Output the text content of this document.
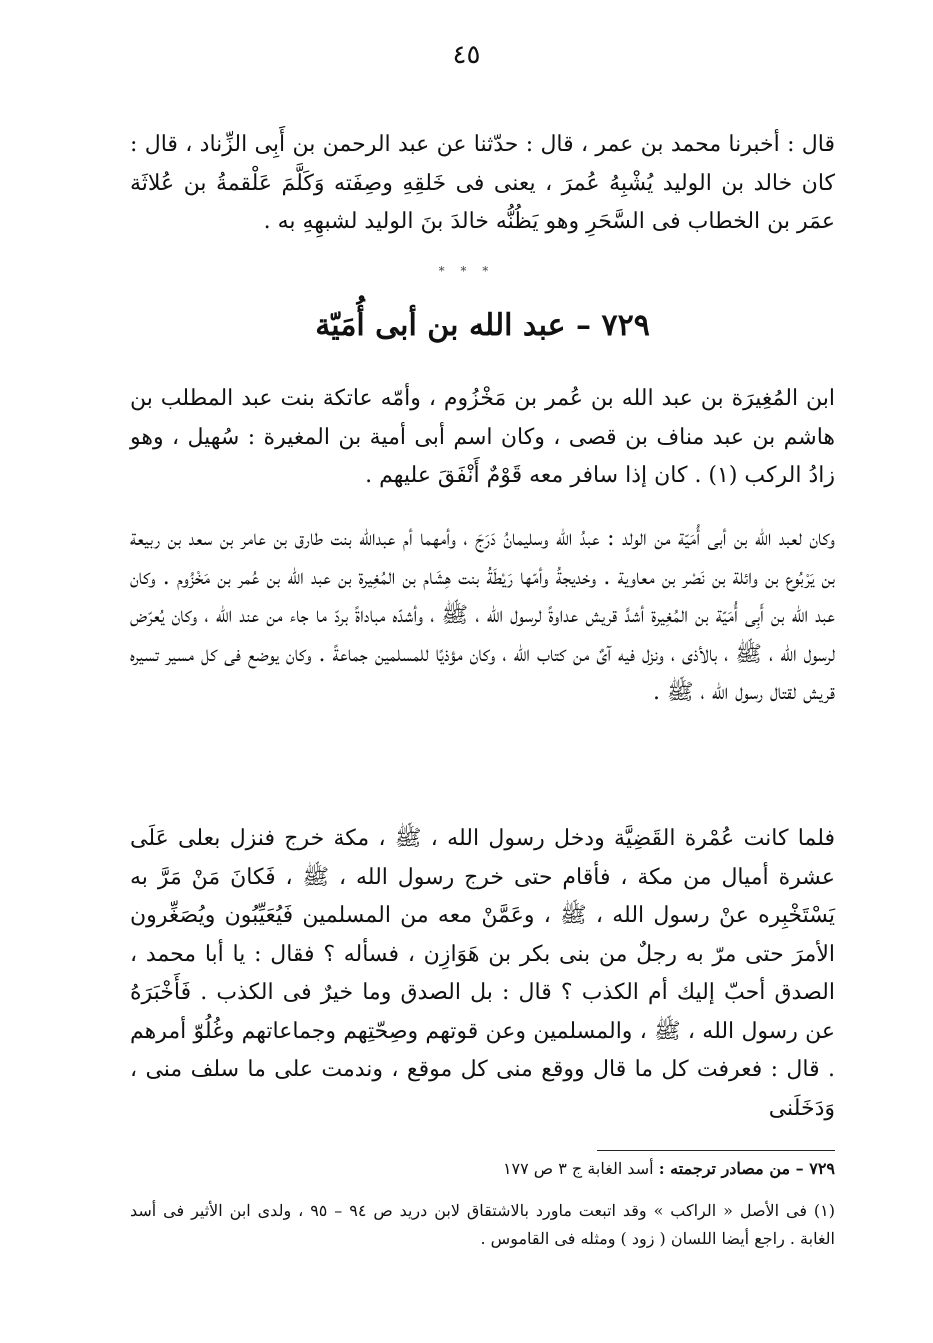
٤٥

قال : أخبرنا محمد بن عمر ، قال : حدّثنا عن عبد الرحمن بن أَبِى الزِّناد ، قال : كان خالد بن الوليد يُشْبِهُ عُمرَ ، يعنى فى خَلقِهِ وصِفَته وَكَلَّمَ عَلْقمةُ بن عُلاثَة عمَر بن الخطاب فى السَّحَرِ وهو يَظُنُّه خالدَ بنَ الوليد لشبهِهِ به .

* * *
٧٢٩ – عبد الله بن أبى أُمَيّة

ابن المُغِيرَة بن عبد الله بن عُمر بن مَخْزُوم ، وأمّه عاتكة بنت عبد المطلب بن هاشم بن عبد مناف بن قصى ، وكان اسم أبى أمية بن المغيرة : سُهيل ، وهو زادُ الركب (١) . كان إذا سافر معه قَوْمٌ أَنْفَقَ عليهم .

وكان لعبد الله بن أبى أُمَيّة من الولد : عبدُ الله وسليمانُ دَرَجَ ، وأمهما أم عبدالله بنت طارق بن عامر بن سعد بن ربيعة بن يَرْبُوع بن وائلة بن نَصْر بن معاوية . وخديجةُ وأمّها رَيْطَةُ بنت هِشَام بن المُغِيرة بن عبد الله بن عُمر بن مَخْزُوم . وكان عبد الله بن أَبِى أُمَيّة بن المُغِيرة أشدَّ قريش عداوةً لرسول الله ، ﷺ ، وأشدّه مباداةً بردّ ما جاء من عند الله ، وكان يُعرّض لرسول الله ، ﷺ ، بالأذى ، ونزل فيه آىٌ من كتاب الله ، وكان مؤذيًا للمسلمين جماعةً . وكان يوضع فى كل مسير تسيره قريش لقتال رسول الله ، ﷺ .

فلما كانت عُمْرة القَضِيَّة ودخل رسول الله ، ﷺ ، مكة خرج فنزل بعلى عَلَى عشرة أميال من مكة ، فأقام حتى خرج رسول الله ، ﷺ ، فَكانَ مَنْ مَرَّ به يَسْتَخْبِره عنْ رسول الله ، ﷺ ، وعَمَّنْ معه من المسلمين فَيُعَيِّبُون ويُصَغِّرون الأمرَ حتى مرّ به رجلٌ من بنى بكر بن هَوَازِن ، فسأله ؟ فقال : يا أبا محمد ، الصدق أحبّ إليك أم الكذب ؟ قال : بل الصدق وما خيرٌ فى الكذب . فَأَخْبَرَهُ عن رسول الله ، ﷺ ، والمسلمين وعن قوتهم وصِحّتِهم وجماعاتهم وغُلُوّ أمرهم . قال : فعرفت كل ما قال ووقع منى كل موقع ، وندمت على ما سلف منى ، وَدَخَلَنى

٧٢٩ – من مصادر ترجمته : أسد الغابة ج ٣ ص ١٧٧

(١) فى الأصل « الراكب » وقد اتبعت ماورد بالاشتقاق لابن دريد ص ٩٤ – ٩٥ ، ولدى ابن الأثير فى أسد الغابة . راجع أيضا اللسان ( زود ) ومثله فى القاموس .
